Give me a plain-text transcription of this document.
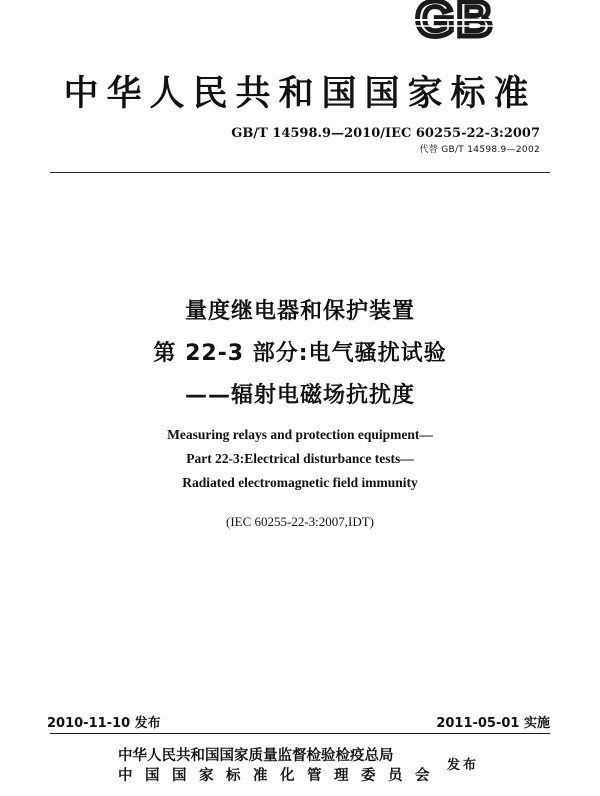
GB
中华人民共和国国家标准
GB/T 14598.9—2010/IEC 60255-22-3:2007
代替 GB/T 14598.9—2002
量度继电器和保护装置
第 22-3 部分:电气骚扰试验
——辐射电磁场抗扰度
Measuring relays and protection equipment—
Part 22-3:Electrical disturbance tests—
Radiated electromagnetic field immunity
(IEC 60255-22-3:2007,IDT)
2010-11-10 发布	2011-05-01 实施
中华人民共和国国家质量监督检验检疫总局
中国国家标准化管理委员会
发布
